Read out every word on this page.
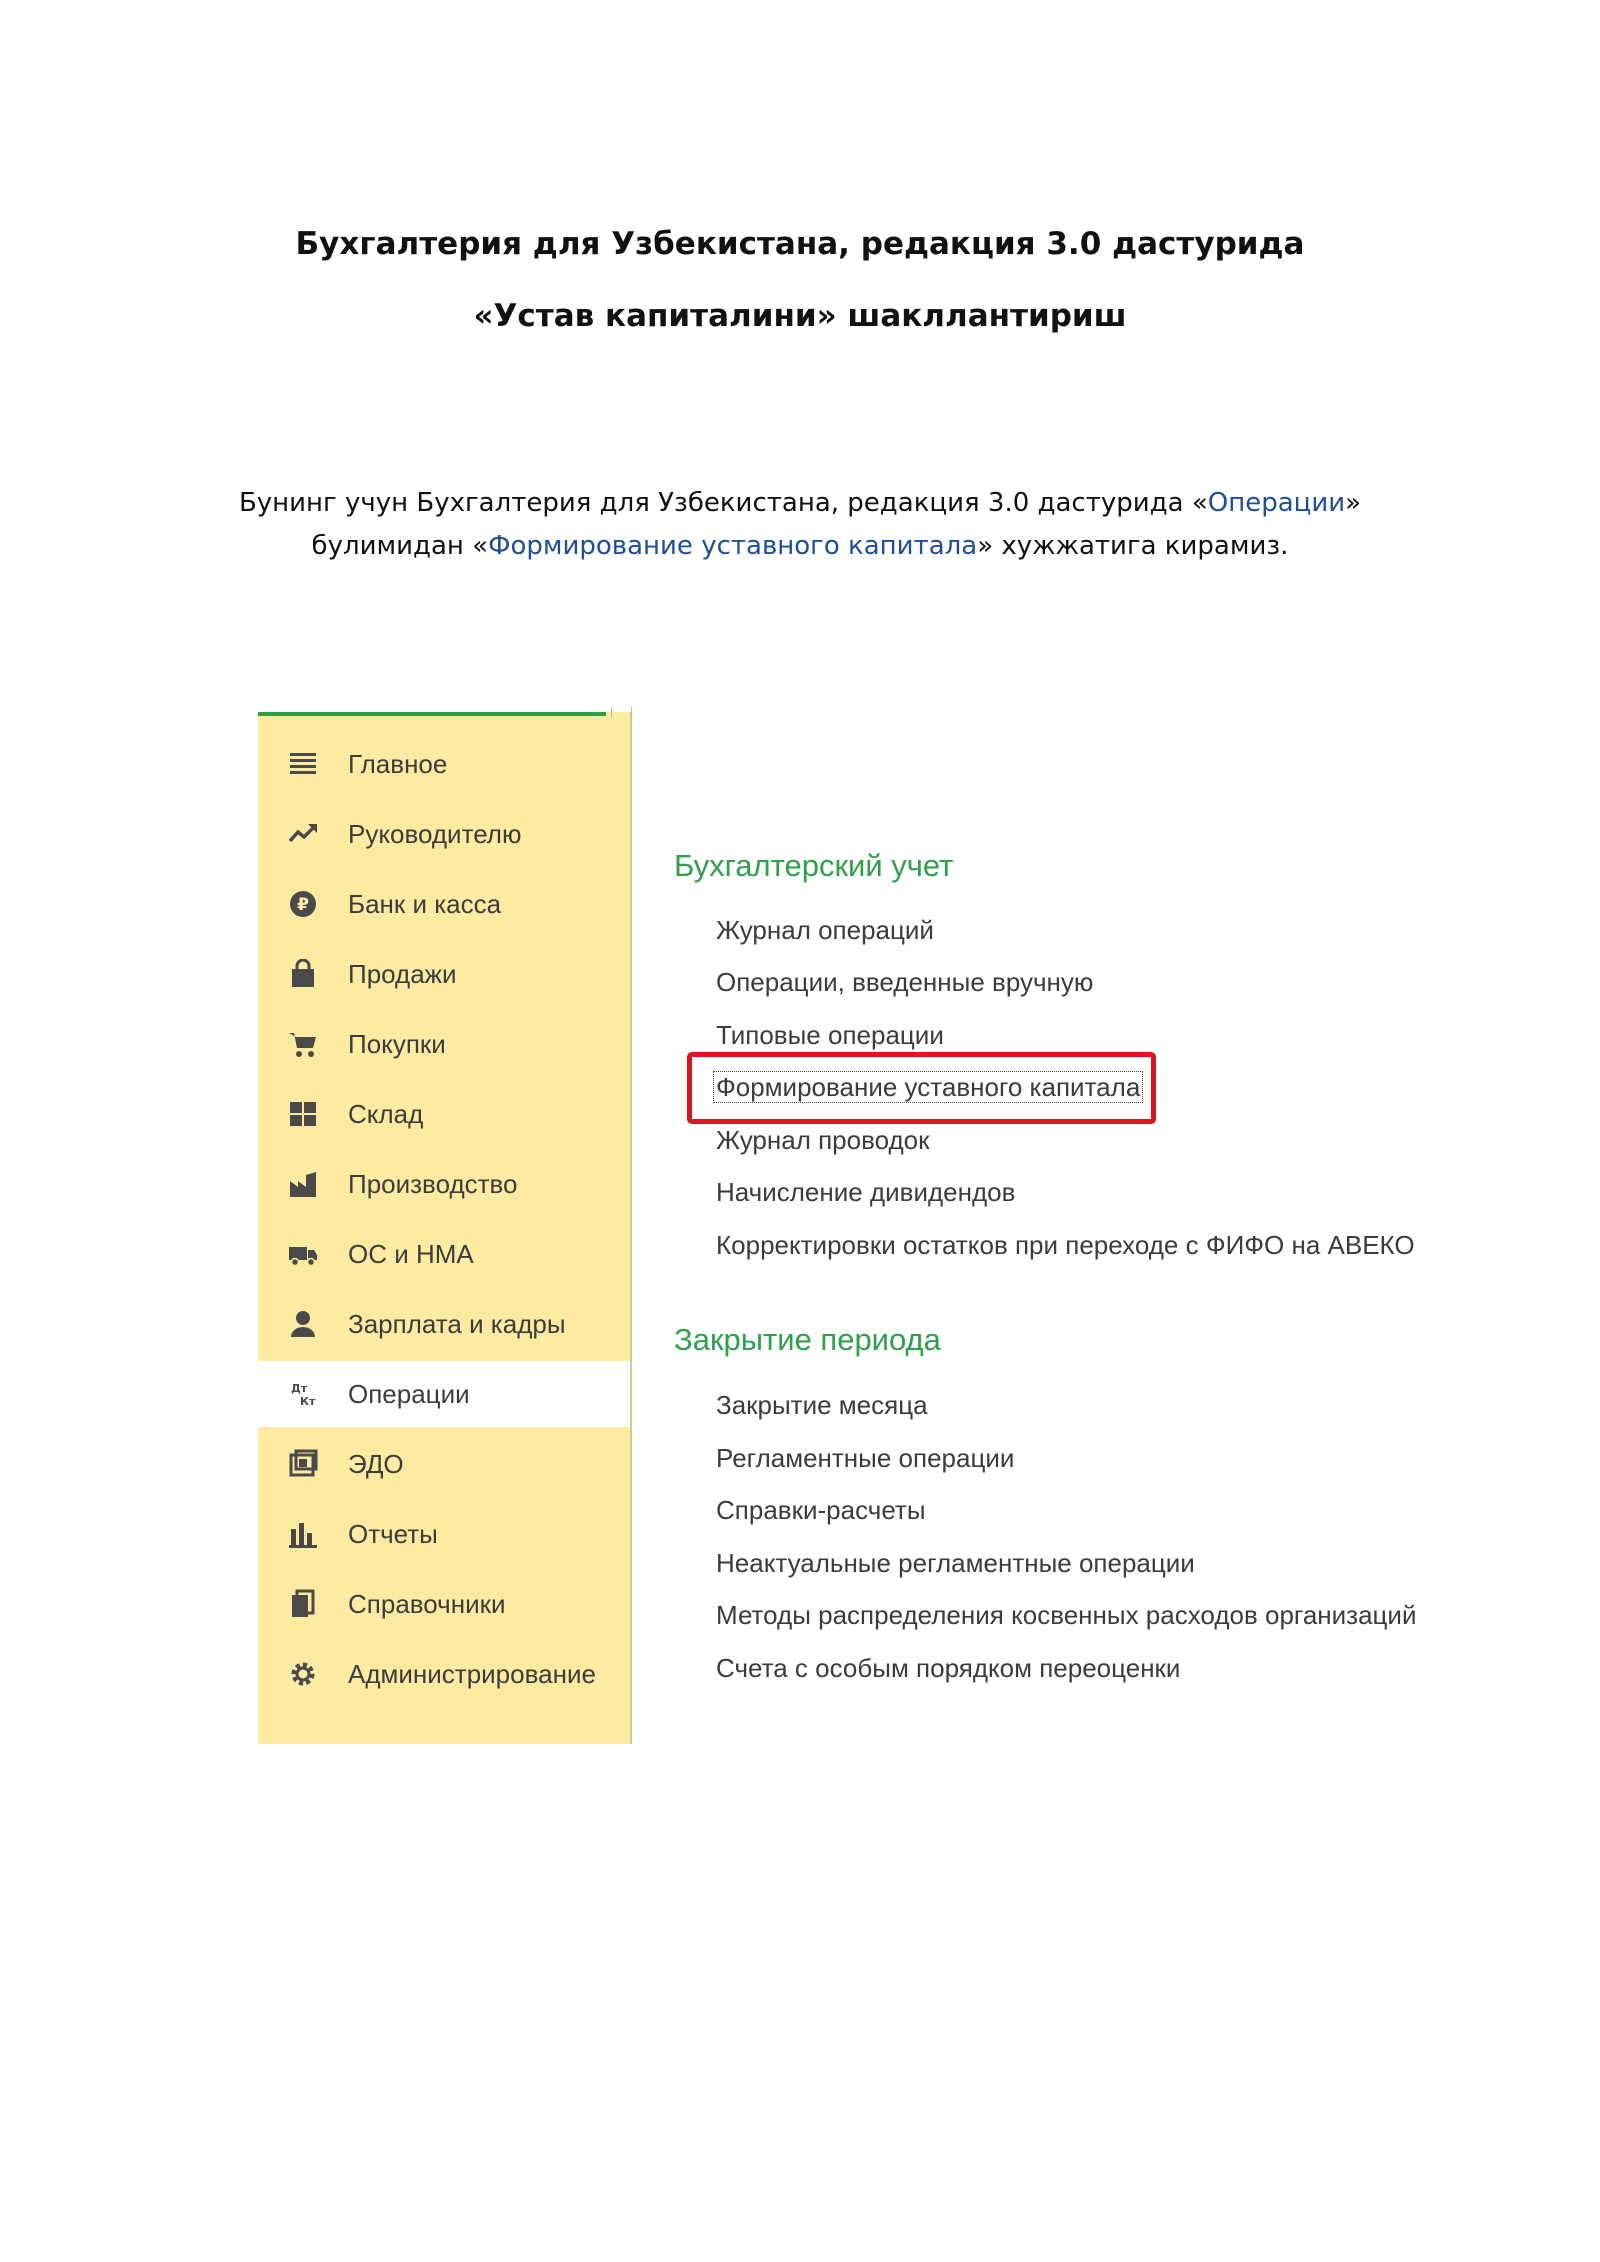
Бухгалтерия для Узбекистана, редакция 3.0 дастурида
«Устав капиталини» шакллантириш
Бунинг учун Бухгалтерия для Узбекистана, редакция 3.0 дастурида «Операции» булимидан «Формирование уставного капитала» хужжатига кирамиз.
Главное
Руководителю
₽ Банк и касса
Продажи
Покупки
Склад
Производство
ОС и НМА
Зарплата и кадры
Дт
Кт Операции
ЭДО
Отчеты
Справочники
Администрирование
Бухгалтерский учет
Журнал операций
Операции, введенные вручную
Типовые операции
Формирование уставного капитала
Журнал проводок
Начисление дивидендов
Корректировки остатков при переходе с ФИФО на АВЕКО
Закрытие периода
Закрытие месяца
Регламентные операции
Справки-расчеты
Неактуальные регламентные операции
Методы распределения косвенных расходов организаций
Счета с особым порядком переоценки
